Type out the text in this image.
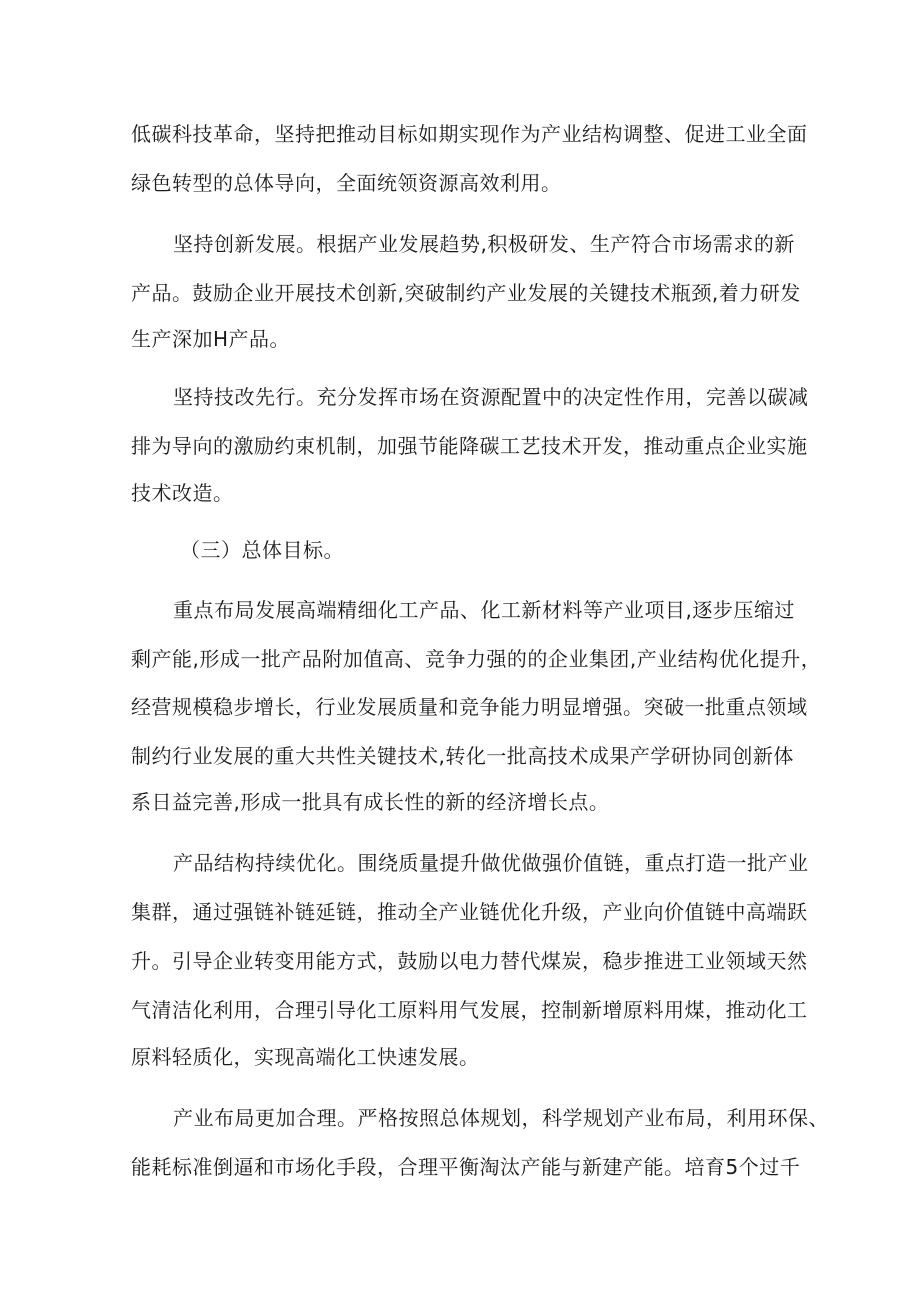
低碳科技革命，坚持把推动目标如期实现作为产业结构调整、促进工业全面
绿色转型的总体导向，全面统领资源高效利用。
坚持创新发展。根据产业发展趋势,积极研发、生产符合市场需求的新
产品。鼓励企业开展技术创新,突破制约产业发展的关键技术瓶颈,着力研发
生产深加H产品。
坚持技改先行。充分发挥市场在资源配置中的决定性作用，完善以碳减
排为导向的激励约束机制，加强节能降碳工艺技术开发，推动重点企业实施
技术改造。
（三）总体目标。
重点布局发展高端精细化工产品、化工新材料等产业项目,逐步压缩过
剩产能,形成一批产品附加值高、竞争力强的的企业集团,产业结构优化提升，
经营规模稳步增长，行业发展质量和竞争能力明显增强。突破一批重点领域
制约行业发展的重大共性关键技术,转化一批高技术成果产学研协同创新体
系日益完善,形成一批具有成长性的新的经济增长点。
产品结构持续优化。围绕质量提升做优做强价值链，重点打造一批产业
集群，通过强链补链延链，推动全产业链优化升级，产业向价值链中高端跃
升。引导企业转变用能方式，鼓励以电力替代煤炭，稳步推进工业领域天然
气清洁化利用，合理引导化工原料用气发展，控制新增原料用煤，推动化工
原料轻质化，实现高端化工快速发展。
产业布局更加合理。严格按照总体规划，科学规划产业布局，利用环保、
能耗标准倒逼和市场化手段，合理平衡淘汰产能与新建产能。培育5个过千
